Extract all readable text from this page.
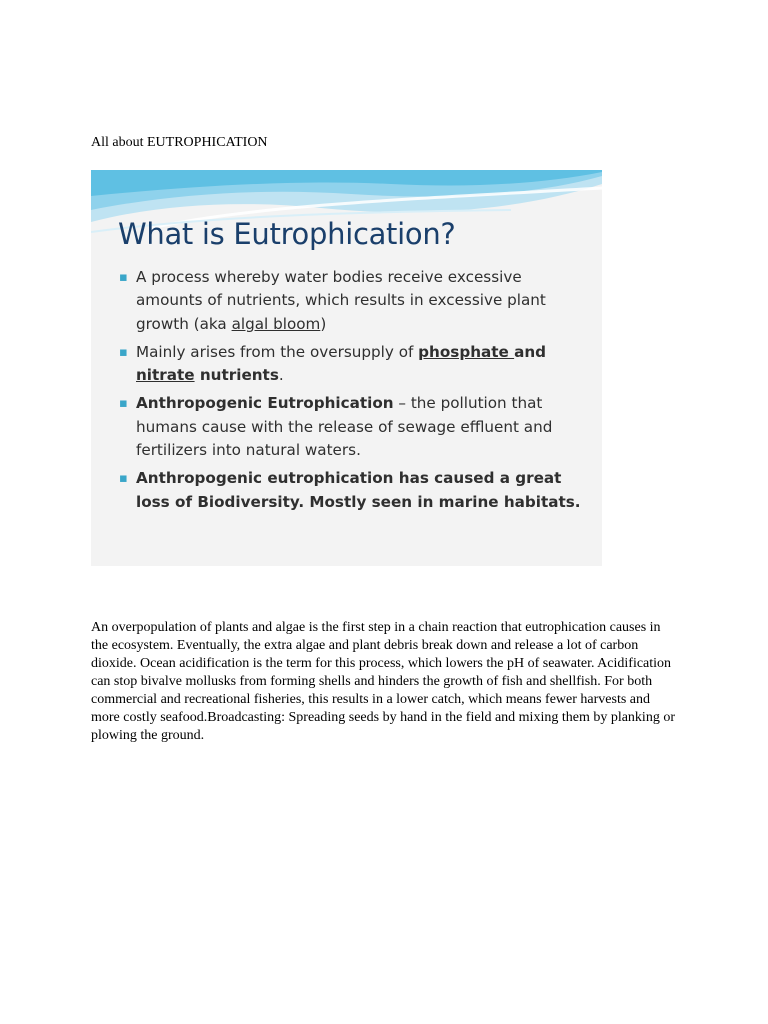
All about EUTROPHICATION
What is Eutrophication?
▪ A process whereby water bodies receive excessive amounts of nutrients, which results in excessive plant growth (aka algal bloom)
▪ Mainly arises from the oversupply of phosphate and
nitrate nutrients.
▪ Anthropogenic Eutrophication – the pollution that humans cause with the release of sewage effluent and fertilizers into natural waters.
▪ Anthropogenic eutrophication has caused a great loss of Biodiversity. Mostly seen in marine habitats.

An overpopulation of plants and algae is the first step in a chain reaction that eutrophication causes in the ecosystem. Eventually, the extra algae and plant debris break down and release a lot of carbon dioxide. Ocean acidification is the term for this process, which lowers the pH of seawater. Acidification can stop bivalve mollusks from forming shells and hinders the growth of fish and shellfish. For both commercial and recreational fisheries, this results in a lower catch, which means fewer harvests and more costly seafood.Broadcasting: Spreading seeds by hand in the field and mixing them by planking or plowing the ground.
